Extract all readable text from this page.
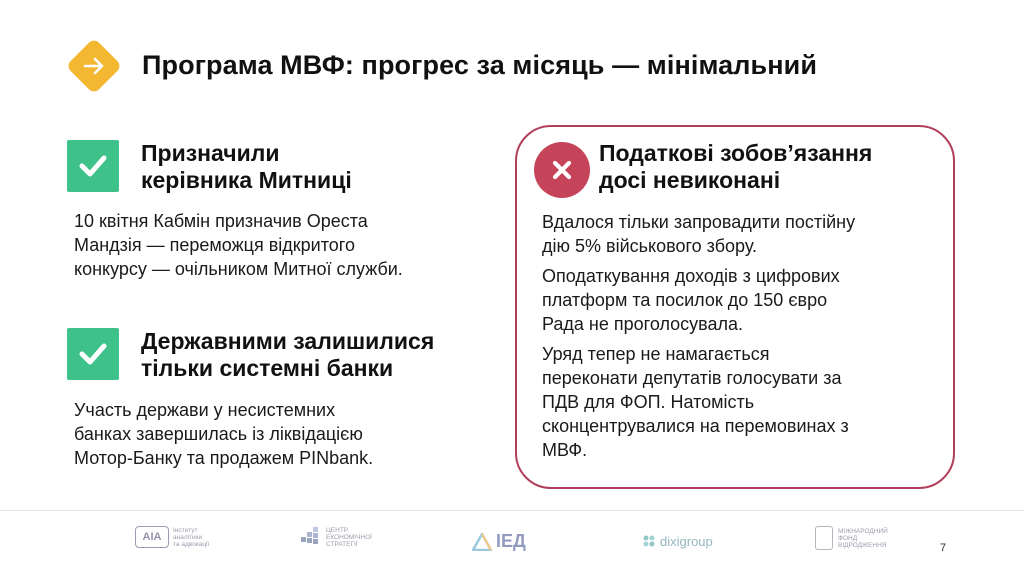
Програма МВФ: прогрес за місяць — мінімальний
Призначили
керівника Митниці
10 квітня Кабмін призначив Ореста
Мандзія — переможця відкритого
конкурсу — очільником Митної служби.
Державними залишилися
тільки системні банки
Участь держави у несистемних
банках завершилась із ліквідацією
Мотор-Банку та продажем PINbank.
Податкові зобов’язання
досі невиконані
Вдалося тільки запровадити постійну
дію 5% військового збору.
Оподаткування доходів з цифрових
платформ та посилок до 150 євро
Рада не проголосувала.
Уряд тепер не намагається
переконати депутатів голосувати за
ПДВ для ФОП. Натомість
сконцентрувалися на перемовинах з
МВФ.
AIA
Інститут
аналітики
та адвокації
ЦЕНТР
ЕКОНОМІЧНОЇ
СТРАТЕГІЇ	IEД	dixigroup
МІЖНАРОДНИЙ
ФОНД
ВІДРОДЖЕННЯ	7
